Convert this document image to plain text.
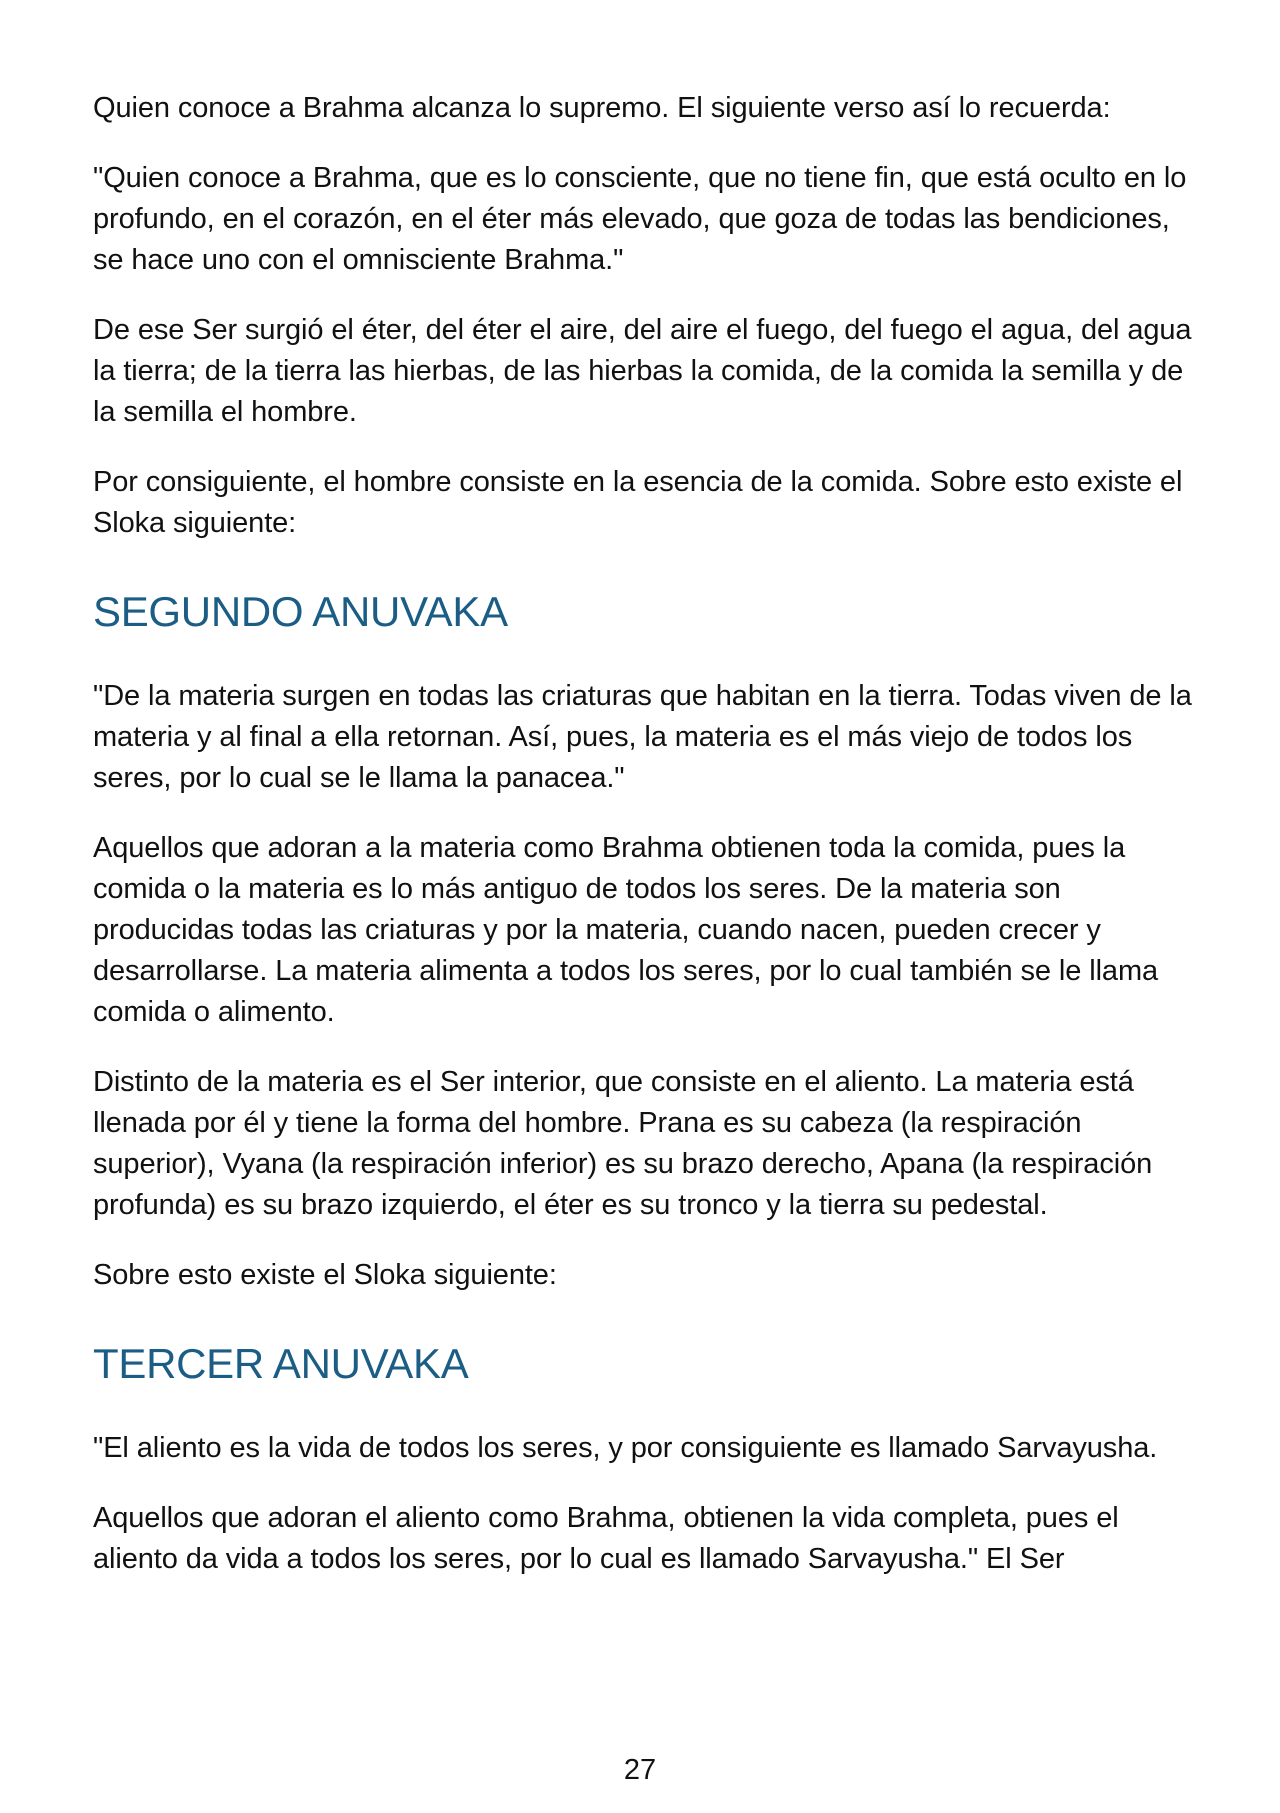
Quien conoce a Brahma alcanza lo supremo. El siguiente verso así lo recuerda:

"Quien conoce a Brahma, que es lo consciente, que no tiene fin, que está oculto en lo profundo, en el corazón, en el éter más elevado, que goza de todas las bendiciones, se hace uno con el omnisciente Brahma."

De ese Ser surgió el éter, del éter el aire, del aire el fuego, del fuego el agua, del agua la tierra; de la tierra las hierbas, de las hierbas la comida, de la comida la semilla y de la semilla el hombre.

Por consiguiente, el hombre consiste en la esencia de la comida. Sobre esto existe el Sloka siguiente:

SEGUNDO ANUVAKA

"De la materia surgen en todas las criaturas que habitan en la tierra. Todas viven de la materia y al final a ella retornan. Así, pues, la materia es el más viejo de todos los seres, por lo cual se le llama la panacea."

Aquellos que adoran a la materia como Brahma obtienen toda la comida, pues la comida o la materia es lo más antiguo de todos los seres. De la materia son producidas todas las criaturas y por la materia, cuando nacen, pueden crecer y desarrollarse. La materia alimenta a todos los seres, por lo cual también se le llama comida o alimento.

Distinto de la materia es el Ser interior, que consiste en el aliento. La materia está llenada por él y tiene la forma del hombre. Prana es su cabeza (la respiración superior), Vyana (la respiración inferior) es su brazo derecho, Apana (la respiración profunda) es su brazo izquierdo, el éter es su tronco y la tierra su pedestal.

Sobre esto existe el Sloka siguiente:

TERCER ANUVAKA

"El aliento es la vida de todos los seres, y por consiguiente es llamado Sarvayusha.

Aquellos que adoran el aliento como Brahma, obtienen la vida completa, pues el aliento da vida a todos los seres, por lo cual es llamado Sarvayusha." El Ser

27
